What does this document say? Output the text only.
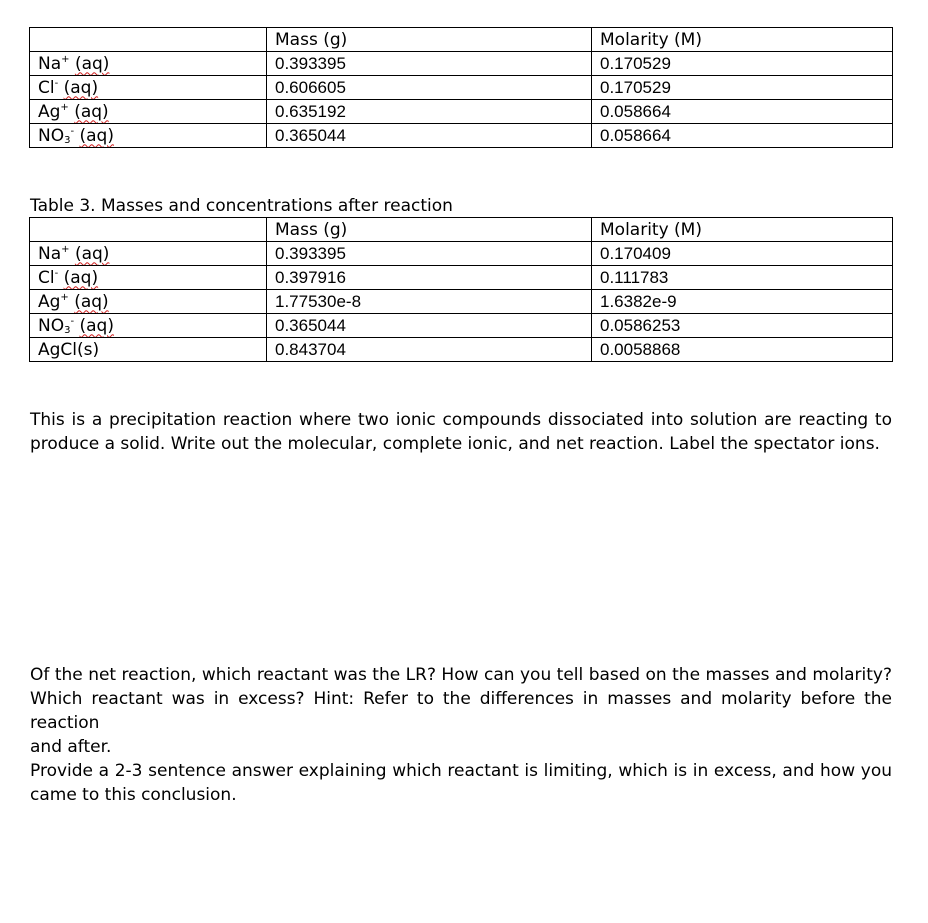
	Mass (g)	Molarity (M)
Na+ (aq)	0.393395	0.170529
Cl- (aq)	0.606605	0.170529
Ag+ (aq)	0.635192	0.058664
$NO_3^-$ (aq)	0.365044	0.058664
Table 3. Masses and concentrations after reaction
	Mass (g)	Molarity (M)
Na+ (aq)	0.393395	0.170409
Cl- (aq)	0.397916	0.111783
Ag+ (aq)	1.77530e-8	1.6382e-9
$NO_3^-$ (aq)	0.365044	0.0586253
AgCl(s)	0.843704	0.0058868

This is a precipitation reaction where two ionic compounds dissociated into solution are reacting to

produce a solid. Write out the molecular, complete ionic, and net reaction. Label the spectator ions.

Of the net reaction, which reactant was the LR? How can you tell based on the masses and molarity?

Which reactant was in excess? Hint: Refer to the differences in masses and molarity before the reaction

and after.

Provide a 2-3 sentence answer explaining which reactant is limiting, which is in excess, and how you

came to this conclusion.
